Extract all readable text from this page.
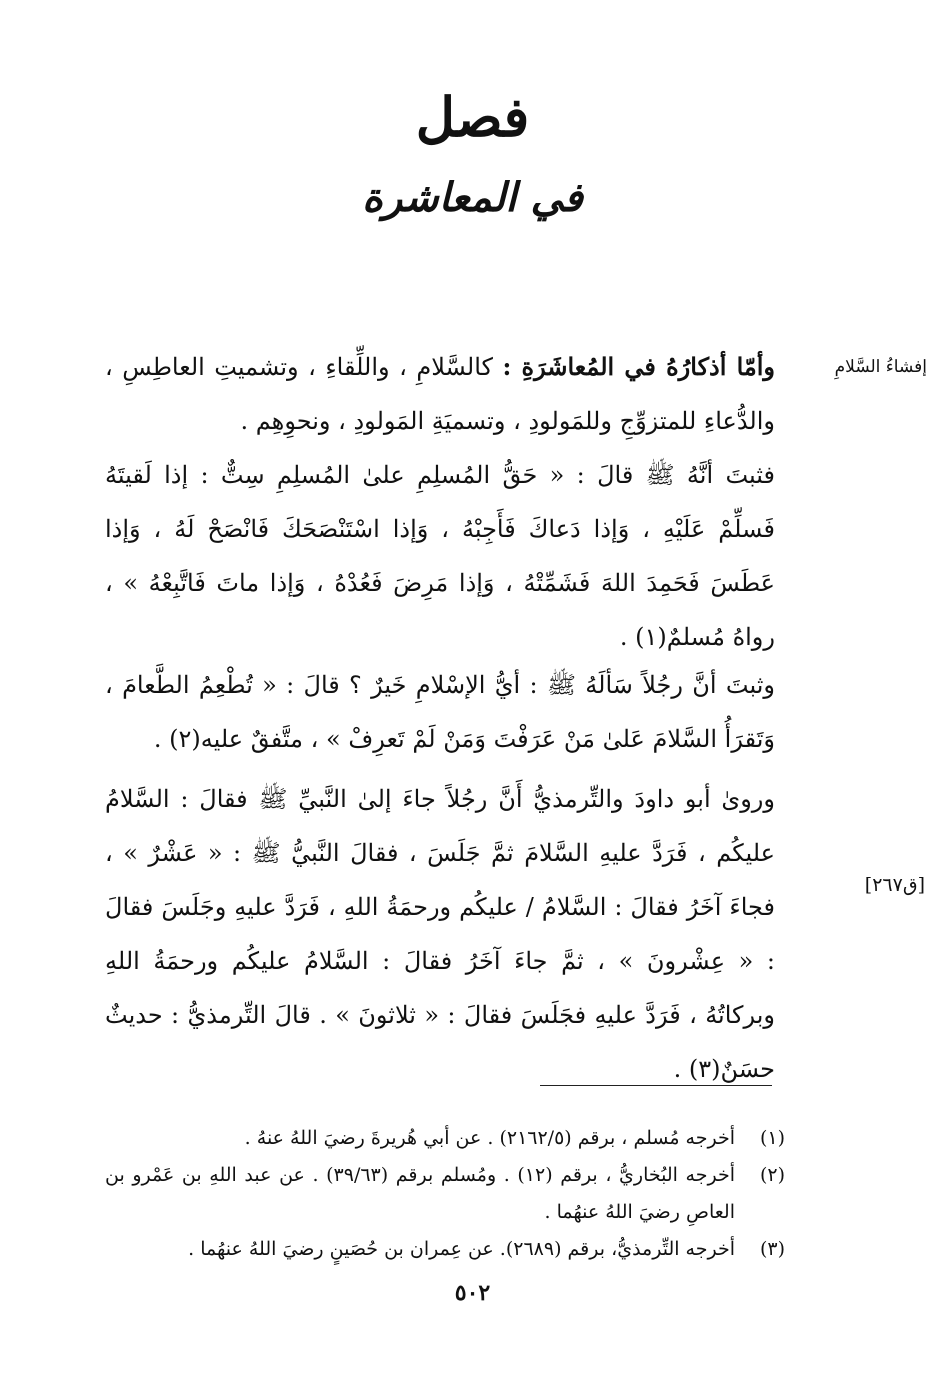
فصل
في المعاشرة
إفشاءُ السَّلامِ
[ق٢٦٧]

وأمّا أذكارُهُ في المُعاشَرَةِ : كالسَّلامِ ، واللِّقاءِ ، وتشميتِ العاطِسِ ، والدُّعاءِ للمتزوِّجِ وللمَولودِ ، وتسميَةِ المَولودِ ، ونحوِهِم .

فثبتَ أنَّهُ ﷺ قالَ : « حَقُّ المُسلِمِ علىٰ المُسلِمِ سِتٌّ : إذا لَقيتَهُ فَسلِّمْ عَلَيْهِ ، وَإذا دَعاكَ فَأَجِبْهُ ، وَإذا اسْتَنْصَحَكَ فَانْصَحْ لَهُ ، وَإذا عَطَسَ فَحَمِدَ اللهَ فَشَمِّتْهُ ، وَإذا مَرِضَ فَعُدْهُ ، وَإذا ماتَ فَاتَّبِعْهُ » ، رواهُ مُسلمٌ(١) .

وثبتَ أنَّ رجُلاً سَألَهُ ﷺ : أيُّ الإسْلامِ خَيرٌ ؟ قالَ : « تُطْعِمُ الطَّعامَ ، وَتَقرَأُ السَّلامَ عَلىٰ مَنْ عَرَفْتَ وَمَنْ لَمْ تَعرِفْ » ، متَّفقٌ عليه(٢) .

وروىٰ أبو داودَ والتِّرمذيُّ أَنَّ رجُلاً جاءَ إلىٰ النَّبيِّ ﷺ فقالَ : السَّلامُ عليكُم ، فَرَدَّ عليهِ السَّلامَ ثمَّ جَلَسَ ، فقالَ النَّبيُّ ﷺ : « عَشْرٌ » ، فجاءَ آخَرُ فقالَ : السَّلامُ / عليكُم ورحمَةُ اللهِ ، فَرَدَّ عليهِ وجَلَسَ فقالَ : « عِشْرونَ » ، ثمَّ جاءَ آخَرُ فقالَ : السَّلامُ عليكُم ورحمَةُ اللهِ وبركاتُهُ ، فَرَدَّ عليهِ فجَلَسَ فقالَ : « ثلاثونَ » . قالَ التِّرمذيُّ : حديثٌ حسَنٌ(٣) .

(١)
أخرجه مُسلم ، برقم (٢١٦٢/٥) . عن أبي هُريرةَ رضيَ اللهُ عنهُ .
(٢)
أخرجه البُخاريُّ ، برقم (١٢) . ومُسلم برقم (٣٩/٦٣) . عن عبد اللهِ بن عَمْرو بن العاصِ رضيَ اللهُ عنهُما .
(٣)
أخرجه التِّرمذيُّ، برقم (٢٦٨٩). عن عِمران بن حُصَينٍ رضيَ اللهُ عنهُما .
٥٠٢
